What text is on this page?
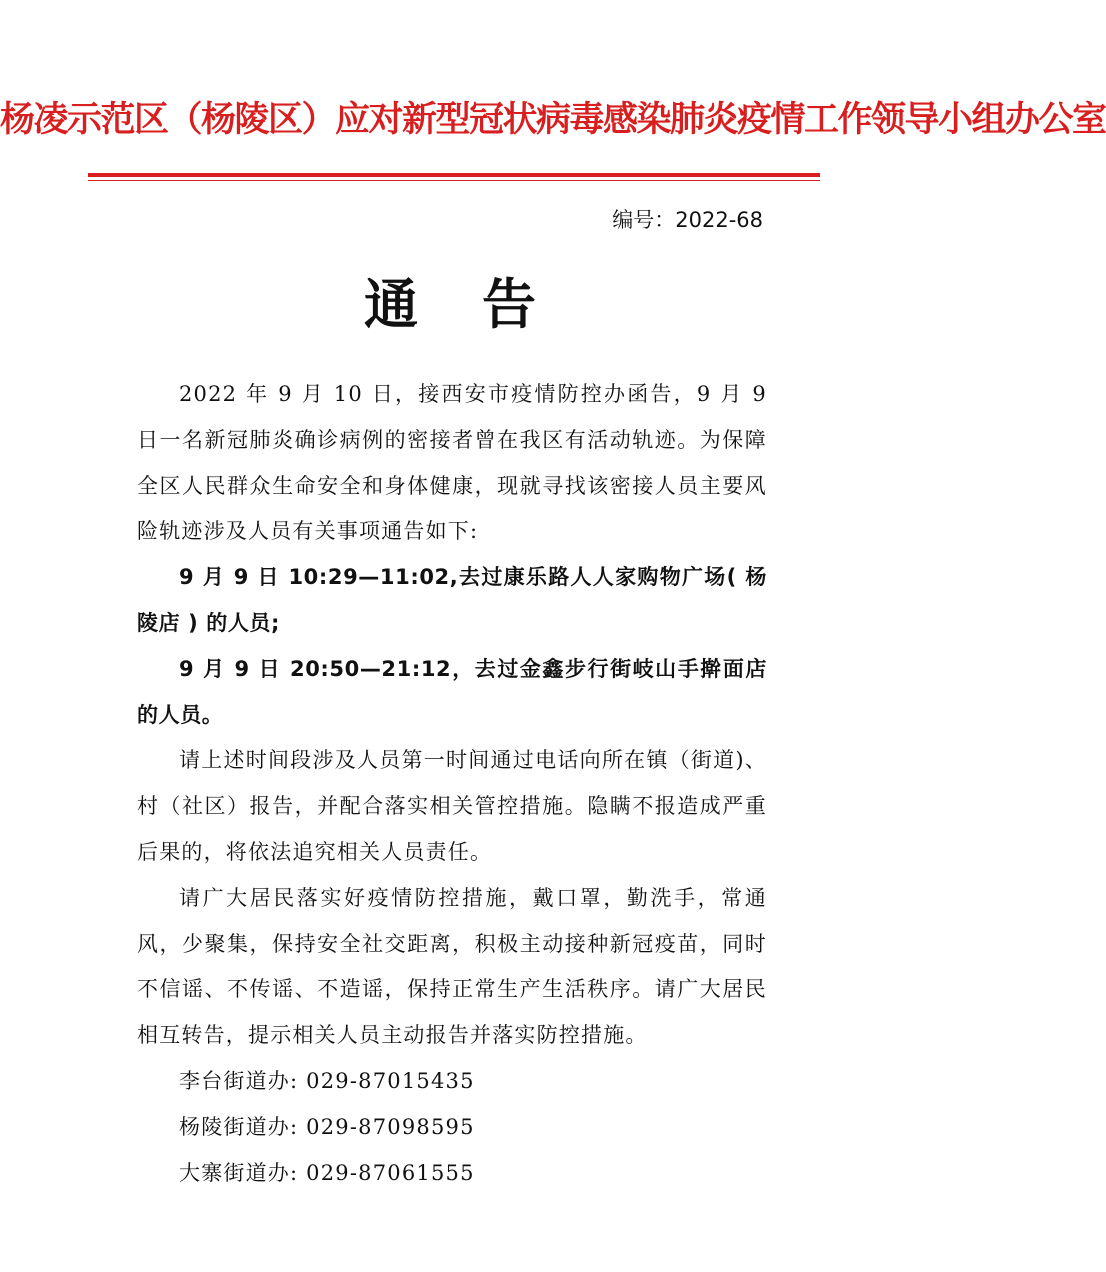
杨凌示范区（杨陵区）应对新型冠状病毒感染肺炎疫情工作领导小组办公室
编号：2022-68
通 告

2022 年 9 月 10 日，接西安市疫情防控办函告，9 月 9 日一名新冠肺炎确诊病例的密接者曾在我区有活动轨迹。为保障全区人民群众生命安全和身体健康，现就寻找该密接人员主要风险轨迹涉及人员有关事项通告如下:

9 月 9 日 10:29—11:02,去过康乐路人人家购物广场( 杨陵店 ) 的人员;

9 月 9 日 20:50—21:12，去过金鑫步行街岐山手擀面店的人员。

请上述时间段涉及人员第一时间通过电话向所在镇（街道)、村（社区）报告，并配合落实相关管控措施。隐瞒不报造成严重后果的，将依法追究相关人员责任。

请广大居民落实好疫情防控措施，戴口罩，勤洗手，常通风，少聚集，保持安全社交距离，积极主动接种新冠疫苗，同时不信谣、不传谣、不造谣，保持正常生产生活秩序。请广大居民相互转告，提示相关人员主动报告并落实防控措施。

李台街道办: 029-87015435

杨陵街道办: 029-87098595

大寨街道办: 029-87061555
